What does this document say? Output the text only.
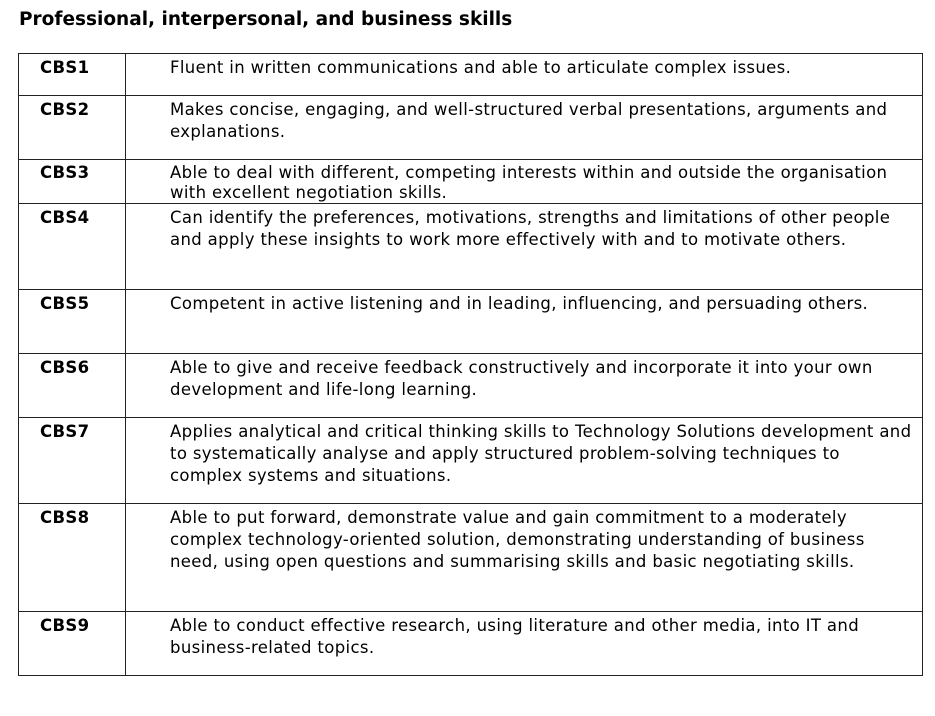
Professional, interpersonal, and business skills
CBS1	Fluent in written communications and able to articulate complex issues.
CBS2	Makes concise, engaging, and well-structured verbal presentations, arguments and explanations.
CBS3	Able to deal with different, competing interests within and outside the organisation with excellent negotiation skills.
CBS4	Can identify the preferences, motivations, strengths and limitations of other people and apply these insights to work more effectively with and to motivate others.
CBS5	Competent in active listening and in leading, influencing, and persuading others.
CBS6	Able to give and receive feedback constructively and incorporate it into your own development and life-long learning.
CBS7	Applies analytical and critical thinking skills to Technology Solutions development and to systematically analyse and apply structured problem-solving techniques to complex systems and situations.
CBS8	Able to put forward, demonstrate value and gain commitment to a moderately complex technology-oriented solution, demonstrating understanding of business need, using open questions and summarising skills and basic negotiating skills.
CBS9	Able to conduct effective research, using literature and other media, into IT and business-related topics.
